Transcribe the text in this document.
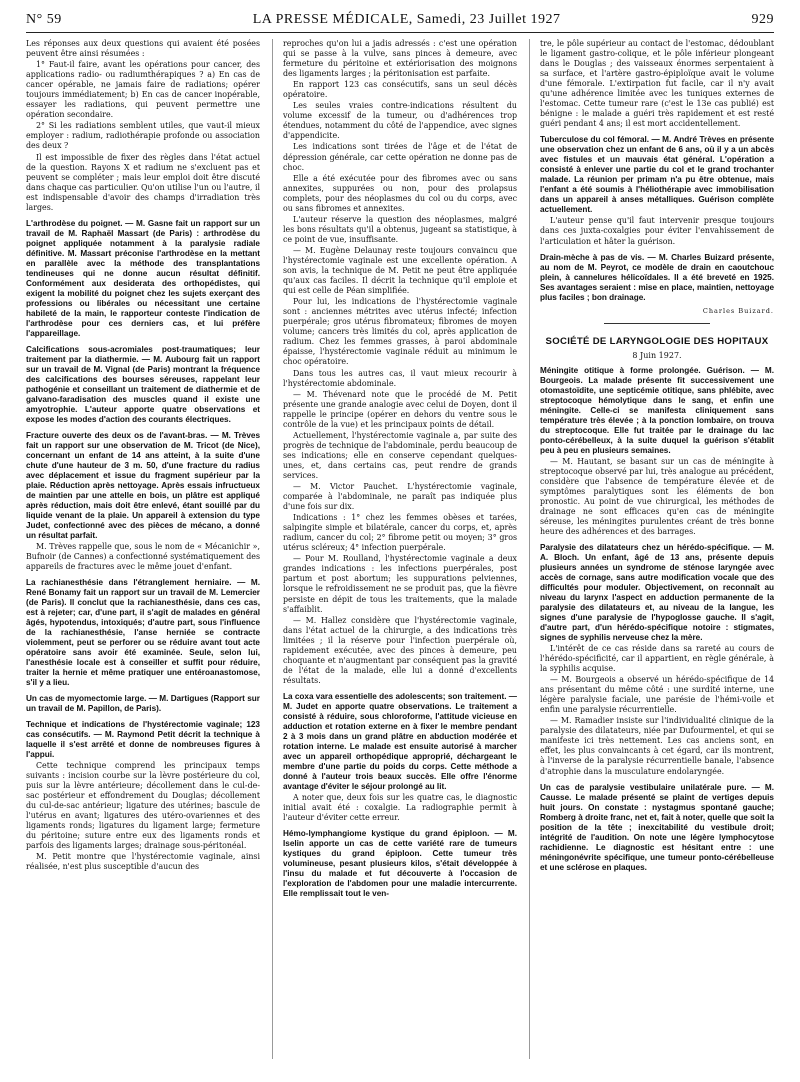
N° 59	LA PRESSE MÉDICALE, Samedi, 23 Juillet 1927	929

Les réponses aux deux questions qui avaient été posées peuvent être ainsi résumées :

1° Faut-il faire, avant les opérations pour cancer, des applications radio- ou radiumthérapiques ? a) En cas de cancer opérable, ne jamais faire de radiations; opérer toujours immédiatement; b) En cas de cancer inopérable, essayer les radiations, qui peuvent permettre une opération secondaire.

2° Si les radiations semblent utiles, que vaut-il mieux employer : radium, radiothérapie profonde ou association des deux ?

Il est impossible de fixer des règles dans l'état actuel de la question. Rayons X et radium ne s'excluent pas et peuvent se compléter ; mais leur emploi doit être discuté dans chaque cas particulier. Qu'on utilise l'un ou l'autre, il est indispensable d'avoir des champs d'irradiation très larges.

L'arthrodèse du poignet. — M. Gasne fait un rapport sur un travail de M. Raphaël Massart (de Paris) : arthrodèse du poignet appliquée notamment à la paralysie radiale définitive. M. Massart préconise l'arthrodèse en la mettant en parallèle avec la méthode des transplantations tendineuses qui ne donne aucun résultat définitif. Conformément aux desiderata des orthopédistes, qui exigent la mobilité du poignet chez les sujets exerçant des professions ou libérales ou nécessitant une certaine habileté de la main, le rapporteur conteste l'indication de l'arthrodèse pour ces derniers cas, et lui préfère l'appareillage.

Calcifications sous-acromiales post-traumatiques; leur traitement par la diathermie. — M. Aubourg fait un rapport sur un travail de M. Vignal (de Paris) montrant la fréquence des calcifications des bourses séreuses, rappelant leur pathogénie et conseillant un traitement de diathermie et de galvano-faradisation des muscles quand il existe une amyotrophie. L'auteur apporte quatre observations et expose les modes d'action des courants électriques.

Fracture ouverte des deux os de l'avant-bras. — M. Trèves fait un rapport sur une observation de M. Tricot (de Nice), concernant un enfant de 14 ans atteint, à la suite d'une chute d'une hauteur de 3 m. 50, d'une fracture du radius avec déplacement et issue du fragment supérieur par la plaie. Réduction après nettoyage. Après essais infructueux de maintien par une attelle en bois, un plâtre est appliqué après réduction, mais doit être enlevé, étant souillé par du liquide venant de la plaie. Un appareil à extension du type Judet, confectionné avec des pièces de mécano, a donné un résultat parfait.

M. Trèves rappelle que, sous le nom de « Mécanichir », Bufnoir (de Cannes) a confectionné systématiquement des appareils de fractures avec le même jouet d'enfant.

La rachianesthésie dans l'étranglement herniaire. — M. René Bonamy fait un rapport sur un travail de M. Lemercier (de Paris). Il conclut que la rachianesthésie, dans ces cas, est à rejeter; car, d'une part, il s'agit de malades en général âgés, hypotendus, intoxiqués; d'autre part, sous l'influence de la rachianesthésie, l'anse herniée se contracte violemment, peut se perforer ou se réduire avant tout acte opératoire sans avoir été examinée. Seule, selon lui, l'anesthésie locale est à conseiller et suffit pour réduire, traiter la hernie et même pratiquer une entéroanastomose, s'il y a lieu.

Un cas de myomectomie large. — M. Dartigues (Rapport sur un travail de M. Papillon, de Paris).

Technique et indications de l'hystérectomie vaginale; 123 cas consécutifs. — M. Raymond Petit décrit la technique à laquelle il s'est arrêté et donne de nombreuses figures à l'appui.

Cette technique comprend les principaux temps suivants : incision courbe sur la lèvre postérieure du col, puis sur la lèvre antérieure; décollement dans le cul-de-sac postérieur et effondrement du Douglas; décollement du cul-de-sac antérieur; ligature des utérines; bascule de l'utérus en avant; ligatures des utéro-ovariennes et des ligaments ronds; ligatures du ligament large; fermeture du péritoine; suture entre eux des ligaments ronds et parfois des ligaments larges; drainage sous-péritonéal.

M. Petit montre que l'hystérectomie vaginale, ainsi réalisée, n'est plus susceptible d'aucun des

reproches qu'on lui a jadis adressés : c'est une opération qui se passe à la vulve, sans pinces à demeure, avec fermeture du péritoine et extériorisation des moignons des ligaments larges ; la péritonisation est parfaite.

En rapport 123 cas consécutifs, sans un seul décès opératoire.

Les seules vraies contre-indications résultent du volume excessif de la tumeur, ou d'adhérences trop étendues, notamment du côté de l'appendice, avec signes d'appendicite.

Les indications sont tirées de l'âge et de l'état de dépression générale, car cette opération ne donne pas de choc.

Elle a été exécutée pour des fibromes avec ou sans annexites, suppurées ou non, pour des prolapsus complets, pour des néoplasmes du col ou du corps, avec ou sans fibromes et annexites.

L'auteur réserve la question des néoplasmes, malgré les bons résultats qu'il a obtenus, jugeant sa statistique, à ce point de vue, insuffisante.

— M. Eugène Delaunay reste toujours convaincu que l'hystérectomie vaginale est une excellente opération. A son avis, la technique de M. Petit ne peut être appliquée qu'aux cas faciles. Il décrit la technique qu'il emploie et qui est celle de Péan simplifiée.

Pour lui, les indications de l'hystérectomie vaginale sont : anciennes métrites avec utérus infecté; infection puerpérale; gros utérus fibromateux; fibromes de moyen volume; cancers très limités du col, après application de radium. Chez les femmes grasses, à paroi abdominale épaisse, l'hystérectomie vaginale réduit au minimum le choc opératoire.

Dans tous les autres cas, il vaut mieux recourir à l'hystérectomie abdominale.

— M. Thévenard note que le procédé de M. Petit présente une grande analogie avec celui de Doyen, dont il rappelle le principe (opérer en dehors du ventre sous le contrôle de la vue) et les principaux points de détail.

Actuellement, l'hystérectomie vaginale a, par suite des progrès de technique de l'abdominale, perdu beaucoup de ses indications; elle en conserve cependant quelques-unes, et, dans certains cas, peut rendre de grands services.

— M. Victor Pauchet. L'hystérectomie vaginale, comparée à l'abdominale, ne paraît pas indiquée plus d'une fois sur dix.

Indications : 1° chez les femmes obèses et tarées, salpingite simple et bilatérale, cancer du corps, et, après radium, cancer du col; 2° fibrome petit ou moyen; 3° gros utérus scléreux; 4° infection puerpérale.

— Pour M. Roulland, l'hystérectomie vaginale a deux grandes indications : les infections puerpérales, post partum et post abortum; les suppurations pelviennes, lorsque le refroidissement ne se produit pas, que la fièvre persiste en dépit de tous les traitements, que la malade s'affaiblit.

— M. Hallez considère que l'hystérectomie vaginale, dans l'état actuel de la chirurgie, a des indications très limitées ; il la réserve pour l'infection puerpérale où, rapidement exécutée, avec des pinces à demeure, peu choquante et n'augmentant par conséquent pas la gravité de l'état de la malade, elle lui a donné d'excellents résultats.

La coxa vara essentielle des adolescents; son traitement. — M. Judet en apporte quatre observations. Le traitement a consisté à réduire, sous chloroforme, l'attitude vicieuse en adduction et rotation externe en à fixer le membre pendant 2 à 3 mois dans un grand plâtre en abduction modérée et rotation interne. Le malade est ensuite autorisé à marcher avec un appareil orthopédique approprié, déchargeant le membre d'une partie du poids du corps. Cette méthode a donné à l'auteur trois beaux succès. Elle offre l'énorme avantage d'éviter le séjour prolongé au lit.

A noter que, deux fois sur les quatre cas, le diagnostic initial avait été : coxalgie. La radiographie permit à l'auteur d'éviter cette erreur.

Hémo-lymphangiome kystique du grand épiploon. — M. Iselin apporte un cas de cette variété rare de tumeurs kystiques du grand épiploon. Cette tumeur très volumineuse, pesant plusieurs kilos, s'était développée à l'insu du malade et fut découverte à l'occasion de l'exploration de l'abdomen pour une maladie intercurrente. Elle remplissait tout le ven-

tre, le pôle supérieur au contact de l'estomac, dédoublant le ligament gastro-colique, et le pôle inférieur plongeant dans le Douglas ; des vaisseaux énormes serpentaient à sa surface, et l'artère gastro-épiploïque avait le volume d'une fémorale. L'extirpation fut facile, car il n'y avait qu'une adhérence limitée avec les tuniques externes de l'estomac. Cette tumeur rare (c'est le 13e cas publié) est bénigne : le malade a guéri très rapidement et est resté guéri pendant 4 ans; il est mort accidentellement.

Tuberculose du col fémoral. — M. André Trèves en présente une observation chez un enfant de 6 ans, où il y a un abcès avec fistules et un mauvais état général. L'opération a consisté à enlever une partie du col et le grand trochanter malade. La réunion per primam n'a pu être obtenue, mais l'enfant a été soumis à l'héliothérapie avec immobilisation dans un appareil à anses métalliques. Guérison complète actuellement.

L'auteur pense qu'il faut intervenir presque toujours dans ces juxta-coxalgies pour éviter l'envahissement de l'articulation et hâter la guérison.

Drain-mèche à pas de vis. — M. Charles Buizard présente, au nom de M. Peyrot, ce modèle de drain en caoutchouc plein, à cannelures hélicoïdales. Il a été breveté en 1925. Ses avantages seraient : mise en place, maintien, nettoyage plus faciles ; bon drainage.

Charles Buizard.
SOCIÉTÉ DE LARYNGOLOGIE DES HOPITAUX
8 Juin 1927.

Méningite otitique à forme prolongée. Guérison. — M. Bourgeois. La malade présente fit successivement une otomastoïdite, une septicémie otitique, sans phlébite, avec streptocoque hémolytique dans le sang, et enfin une méningite. Celle-ci se manifesta cliniquement sans température très élevée ; à la ponction lombaire, on trouva du streptocoque. Elle fut traitée par le drainage du lac ponto-cérébelleux, à la suite duquel la guérison s'établit peu à peu en plusieurs semaines.

— M. Hautant, se basant sur un cas de méningite à streptocoque observé par lui, très analogue au précédent, considère que l'absence de température élevée et de symptômes paralytiques sont les éléments de bon pronostic. Au point de vue chirurgical, les méthodes de drainage ne sont efficaces qu'en cas de méningite séreuse, les méningites purulentes créant de très bonne heure des adhérences et des barrages.

Paralysie des dilatateurs chez un hérédo-spécifique. — M. A. Bloch. Un enfant, âgé de 13 ans, présente depuis plusieurs années un syndrome de sténose laryngée avec accès de cornage, sans autre modification vocale que des difficultés pour moduler. Objectivement, on reconnaît au niveau du larynx l'aspect en adduction permanente de la paralysie des dilatateurs et, au niveau de la langue, les signes d'une paralysie de l'hypoglosse gauche. Il s'agit, d'autre part, d'un hérédo-spécifique notoire : stigmates, signes de syphilis nerveuse chez la mère.

L'intérêt de ce cas réside dans sa rareté au cours de l'hérédo-spécificité, car il appartient, en règle générale, à la syphilis acquise.

— M. Bourgeois a observé un hérédo-spécifique de 14 ans présentant du même côté : une surdité interne, une légère paralysie faciale, une parésie de l'hémi-voile et enfin une paralysie récurrentielle.

— M. Ramadier insiste sur l'individualité clinique de la paralysie des dilatateurs, niée par Dufourmentel, et qui se manifeste ici très nettement. Les cas anciens sont, en effet, les plus convaincants à cet égard, car ils montrent, à l'inverse de la paralysie récurrentielle banale, l'absence d'atrophie dans la musculature endolaryngée.

Un cas de paralysie vestibulaire unilatérale pure. — M. Causse. Le malade présenté se plaint de vertiges depuis huit jours. On constate : nystagmus spontané gauche; Romberg à droite franc, net et, fait à noter, quelle que soit la position de la tête ; inexcitabilité du vestibule droit; intégrité de l'audition. On note une légère lymphocytose rachidienne. Le diagnostic est hésitant entre : une méningonévrite spécifique, une tumeur ponto-cérébelleuse et une sclérose en plaques.
